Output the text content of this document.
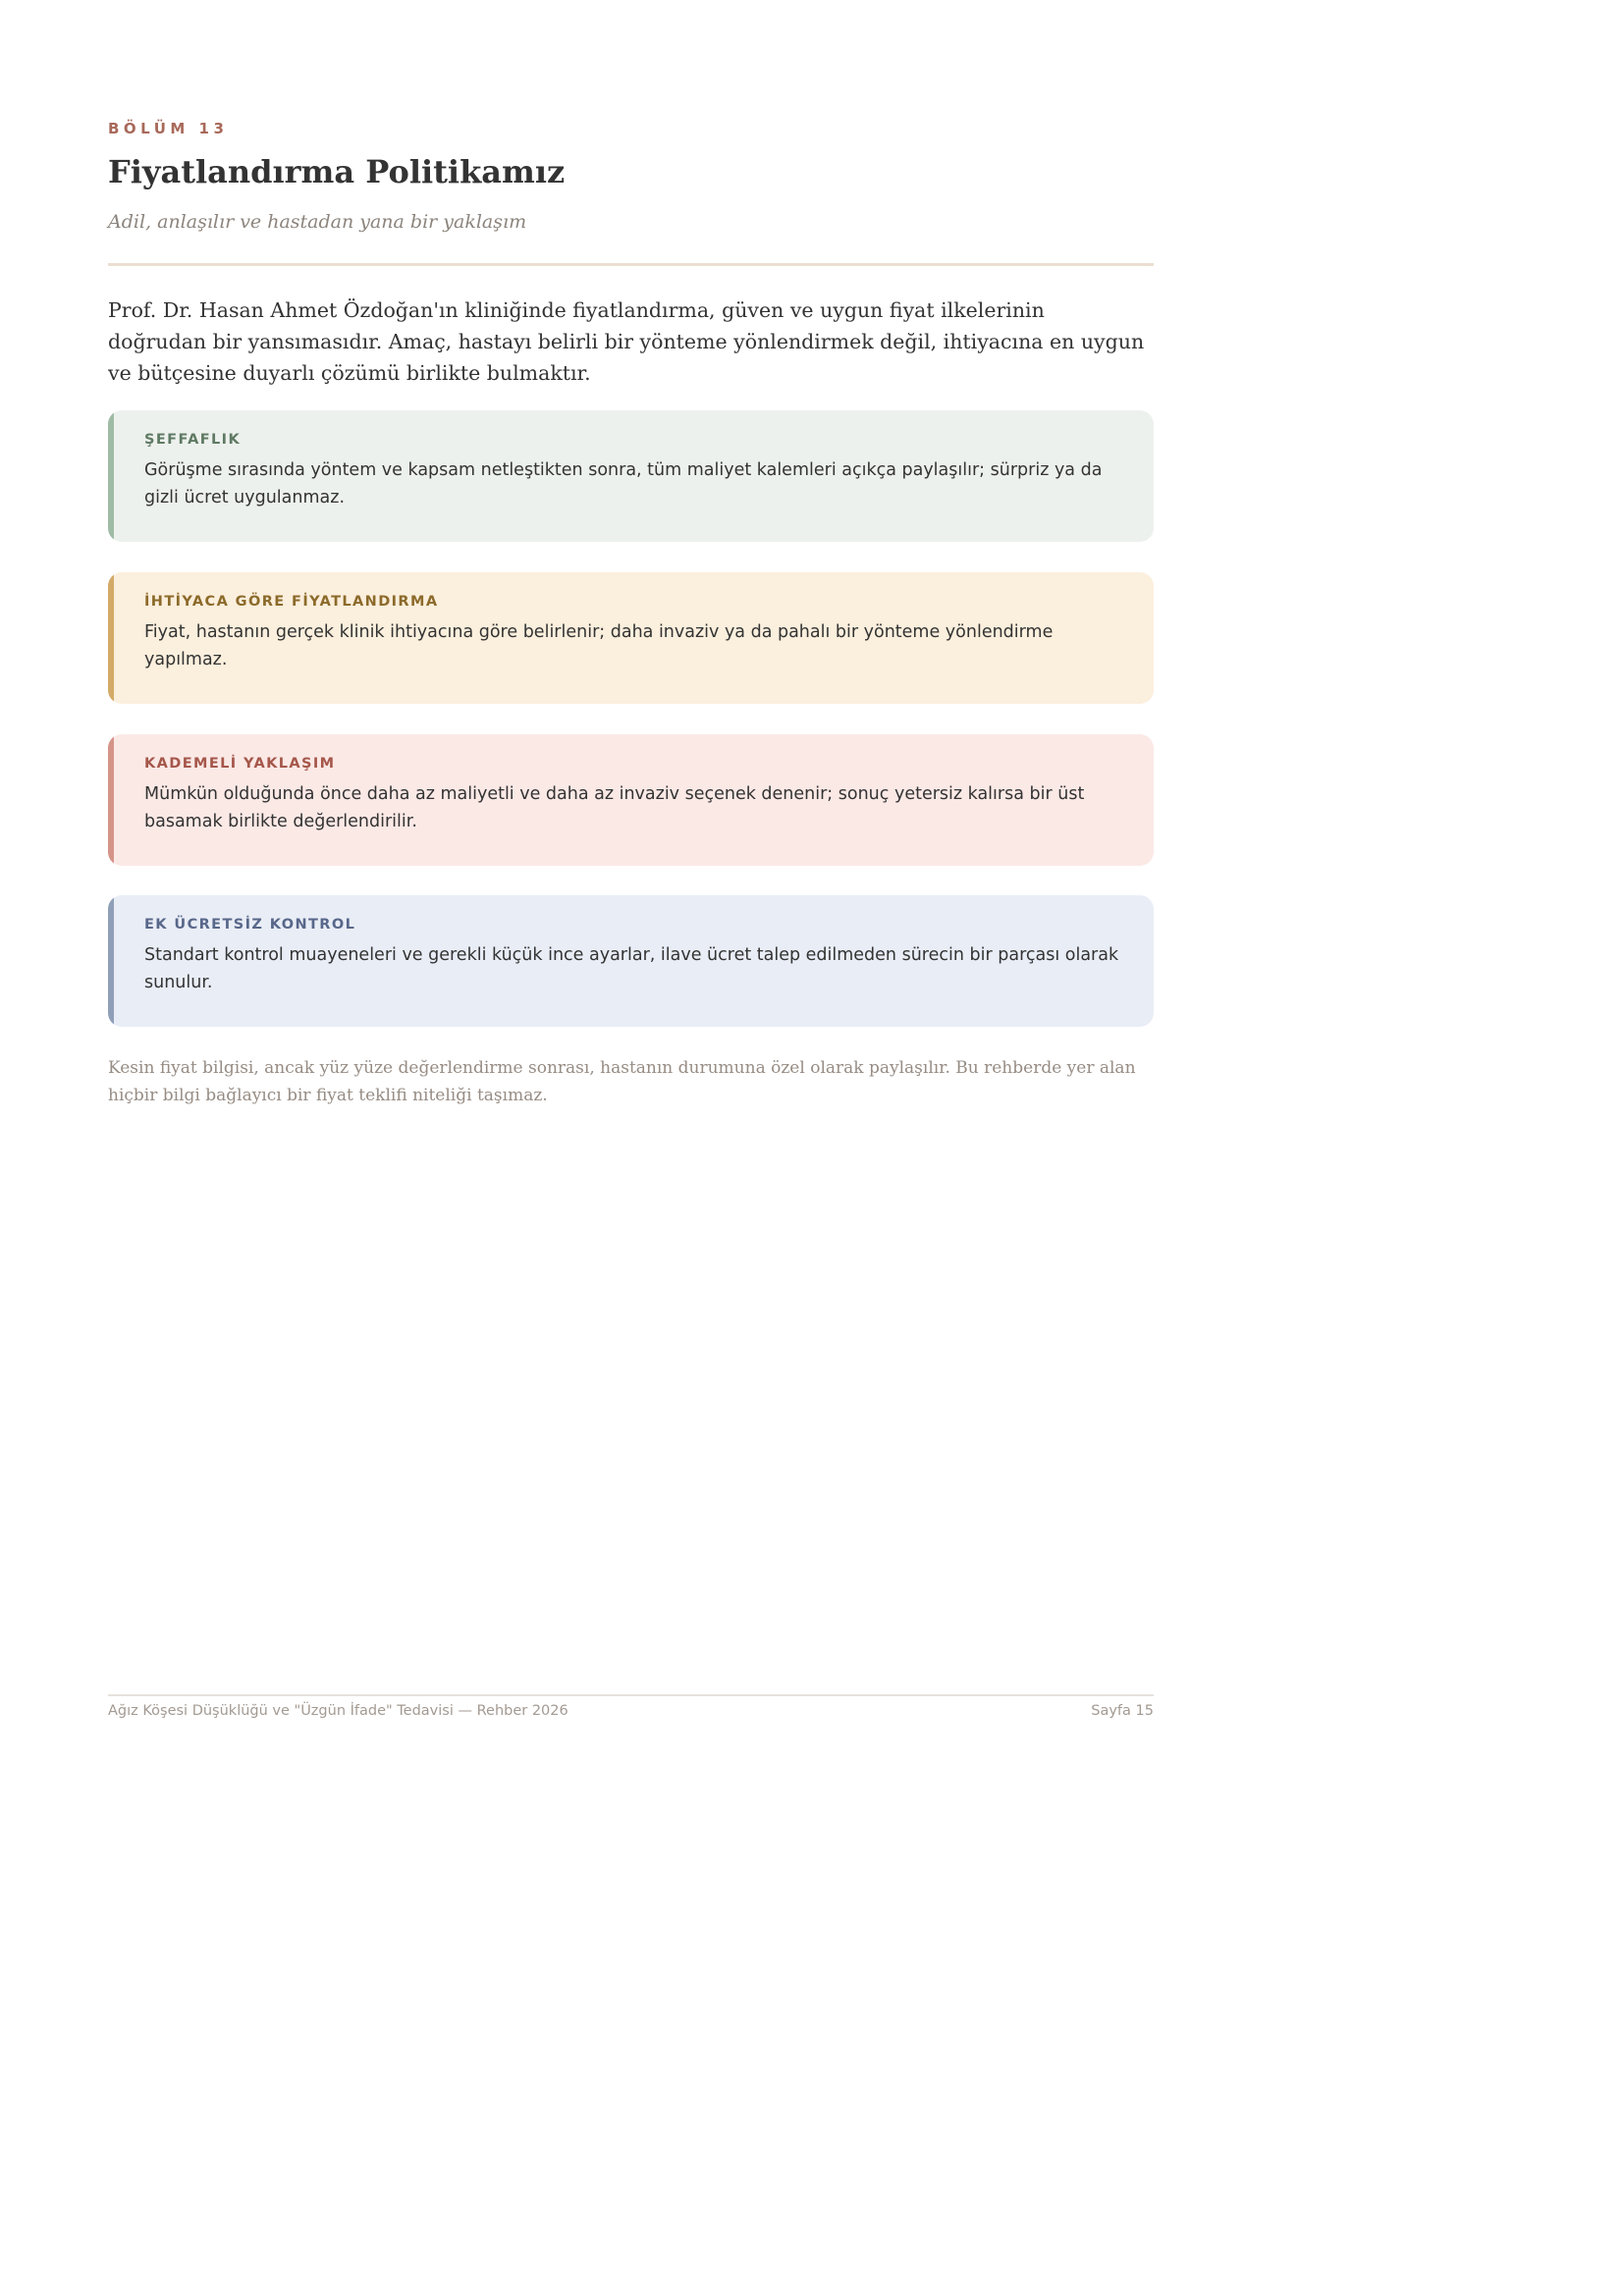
BÖLÜM 13
Fiyatlandırma Politikamız
Adil, anlaşılır ve hastadan yana bir yaklaşım

Prof. Dr. Hasan Ahmet Özdoğan'ın kliniğinde fiyatlandırma, güven ve uygun fiyat ilkelerinin doğrudan bir yansımasıdır. Amaç, hastayı belirli bir yönteme yönlendirmek değil, ihtiyacına en uygun ve bütçesine duyarlı çözümü birlikte bulmaktır.

ŞEFFAFLIK

Görüşme sırasında yöntem ve kapsam netleştikten sonra, tüm maliyet kalemleri açıkça paylaşılır; sürpriz ya da gizli ücret uygulanmaz.

İHTİYACA GÖRE FİYATLANDIRMA

Fiyat, hastanın gerçek klinik ihtiyacına göre belirlenir; daha invaziv ya da pahalı bir yönteme yönlendirme yapılmaz.

KADEMELİ YAKLAŞIM

Mümkün olduğunda önce daha az maliyetli ve daha az invaziv seçenek denenir; sonuç yetersiz kalırsa bir üst basamak birlikte değerlendirilir.

EK ÜCRETSİZ KONTROL

Standart kontrol muayeneleri ve gerekli küçük ince ayarlar, ilave ücret talep edilmeden sürecin bir parçası olarak sunulur.

Kesin fiyat bilgisi, ancak yüz yüze değerlendirme sonrası, hastanın durumuna özel olarak paylaşılır. Bu rehberde yer alan hiçbir bilgi bağlayıcı bir fiyat teklifi niteliği taşımaz.

Ağız Köşesi Düşüklüğü ve "Üzgün İfade" Tedavisi — Rehber 2026	Sayfa 15
